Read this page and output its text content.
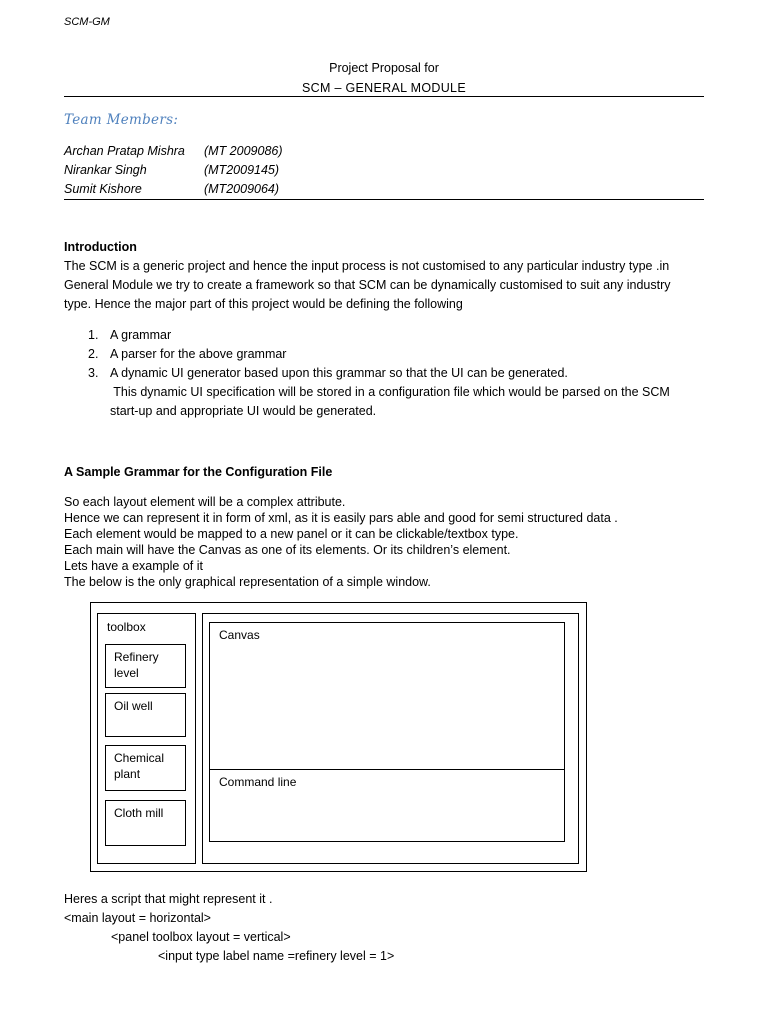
SCM-GM
Project Proposal for
SCM – GENERAL MODULE
Team Members:
Archan Pratap Mishra (MT 2009086)
Nirankar Singh	(MT2009145)
Sumit Kishore	(MT2009064)
Introduction
The SCM is a generic project and hence the input process is not customised to any particular industry type .in
General Module we try to create a framework so that SCM can be dynamically customised to suit any industry
type. Hence the major part of this project would be defining the following
1. A grammar
2. A parser for the above grammar
3. A dynamic UI generator based upon this grammar so that the UI can be generated.
This dynamic UI specification will be stored in a configuration file which would be parsed on the SCM
start-up and appropriate UI would be generated.
A Sample Grammar for the Configuration File
So each layout element will be a complex attribute.
Hence we can represent it in form of xml, as it is easily pars able and good for semi structured data .
Each element would be mapped to a new panel or it can be clickable/textbox type.
Each main will have the Canvas as one of its elements. Or its children’s element.
Lets have a example of it
The below is the only graphical representation of a simple window.
toolbox
Refinery
level
Oil well
Chemical
plant
Cloth mill
Canvas
Command line
Heres a script that might represent it .
<main layout = horizontal>
<panel toolbox layout = vertical>
<input type label name =refinery level = 1>
